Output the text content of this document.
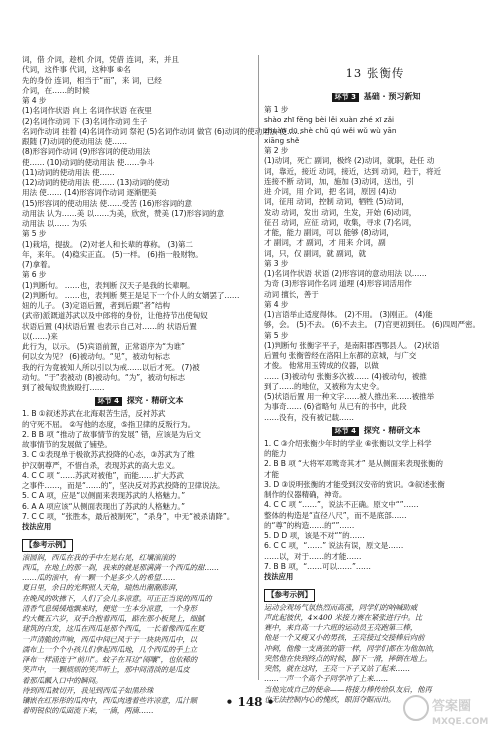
词，借 介词，趁机 介词，凭借 连词，来，并且
代词，这件事 代词，这种事 ⑥名
先的身份 连词，相当于“而”，来 词，已经
介词，在……的时候
第 4 步
(1)名词作状语 向上 名词作状语 在夜里
(2)名词作动词 下 (3)名词作动词 生子
名词作动词 挂着 (4)名词作动词 祭祀 (5)名词作动词 做官 (6)动词的使动用法 使……
跟随 (7)动词的使动用法 使……
(8)形容词作动词 (9)形容词的使动用法
使…… (10)动词的使动用法 使……争斗
(11)动词的使动用法 使……
(12)动词的使动用法 使…… (13)动词的使动
用法 使…… (14)形容词作动词 逐渐肥美
(15)形容词的使动用法 使……受苦 (16)形容词的意
动用法 认为……美 以……为美，欣赏，赞美 (17)形容词的意
动用法 以…… 为乐
第 5 步
(1)栽培，提拔。 (2)对老人和长辈的尊称。 (3)第二
年，来年。 (4)稳实正直。 (5)一样。 (6)指一般财物。
(7)拿着。
第 6 步
(1)判断句。 ……也，表判断 汉天子是我的长辈啊。
(2)判断句。 ……也，表判断 樊王是足下一个仆人的女婿罢了……
妞的儿子。 (3)定语后置，者到后跟“者”结构
(武帝)派溉道苏武以及中郎将的身份，让他持节出使匈奴
状语后置 (4)状语后置 也表示自己对……的 状语后置
以(……)来
此行为，以示。 (5)宾语前置，正常语序为“为谁”
何以女为见？ (6)被动句。“见”，被动句标志
我的行为竟被知人所以引以为戒……以后才死。 (7)被
动句。“于”表被动 (8)被动句。“为”，被动句标志
到了被匈奴贵族殴打……
环节 4 探究 · 精研文本
1. B ①叙述苏武在北海艰苦生活，反衬苏武
的守死不屈。 ②写他的态度，⑤指卫律的反叛行为。
2. B B 项 “推动了故事情节的发展” 错，应该是为后文
故事情节的发展做了铺垫。
3. C ①表现单于极欲苏武投降的心态，③苏武为了维
护汉朝尊严，不惜自杀，表现苏武的高大忠义。
4. C C 项 “……苏武对被他”，而能……扩大苏武
之事件……，而是“……的”，坚决反对苏武投降的卫律说法。
5. C A 项，应是“以侧面来表现苏武的人格魅力。”
6. A A 项应该“从侧面表现出了苏武的人格魅力。”
7. C C 项，“张胜本，最后被制死”，“杀身”，中无“被杀请降”。
技法应用
【参考示例】
滚圆润，西瓜在我的手中左晃右晃，红壤滚滚的
西瓜，在地上的那一刹，我来的就是那满满一个西瓜的甜……
……瓜的滚中，有一颗一个是多少人的希望……
夏日里，余日的光辉照人天角，瑞热出潮潮澎湃，
在晚风的吹拂下，人们了会儿多凉意。可正正当说的西瓜的
清香气息缓缓地飘来时，便觉一生本分凉意，一个身形
约大概五六岁，双手合抱着西瓜，踮在那小板凳上，细腻
建筑的白发，这瓜在西瓜是那个西瓜，一长着像西瓜在夏
一声清脆的声响，西瓜中间已风于于一块块西瓜中，以
濡布上一个个小孩儿们拿起西瓜地，几个西瓜的手上立
泽布一样涌连于“前川”。蚊子在耳边“闹嚷”，也依稀的
笑声中，一颗烦烦的笑声听上，那中间清淡的是瓜皮
着那瓜瓤入口中的瞬间。
待到西瓜被切开，我见到西瓜子如黑珍珠
镶嵌在红彤彤的瓜肉中，西瓜肉透着些许凉意，瓜汁顺
着明锐似的瓜面流下来，一滴，两滴……
13 张衡传
环节 3 基础 · 预习新知
第 1 步
shào zhī fěng bèi lěi xuàn zhé xī zǎi
zhuàn dū shè chǔ qú wěi wǔ wù yān
xiāng shě
第 2 步
(1)动词，死亡 副词，极终 (2)动词，就职，赴任 动
词，靠近，接近 动词，接近，达到 动词，趋于，将近
连接不断 动词，加，施加 (3)动词，送出，引
进 介词，用 介词，把 名词，原因 (4)动
词，征用 动词，控制 动词，牺牲 (5)动词，
发动 动词，发出 动词，生发，开始 (6)动词，
征召 动词，应征 动词，收集，寻求 (7)名词，
才能，能力 副词，可以 能够 (8)动词，
才 副词，才 副词，才 用来 介词，副
词，只，仅 副词，就 副词，就
第 3 步
(1)名词作状语 状语 (2)形容词的意动用法 以……
为奇 (3)形容词作名词 道理 (4)形容词活用作
动词 擅长，善于
第 4 步
(1)言语举止适度得体。 (2)不用。 (3)刚正。 (4)能
够，会。 (5)不去。 (6)不去主。 (7)官更初到任。 (6)四周严密。
第 5 步
(1)判断句 张衡字平子，是南阳郡西鄂县人。 (2)状语
后置句 张衡曾经在洛阳上东都的京城，与广交
才俊。 他常用玉铸成的仪器，以做
…… (3)被动句 张衡多次被…… (4)被动句，被推
到了……的地位，又被称为太史令。
(5)状语后置 用一种文字……被人推出来……被推举
为事奇…… (6)省略句 从已有的书中，此段
……没有，没有被记载……
环节 4 探究 · 精研文本
1. C ③介绍张衡少年时的学业 ⑥张衡以文学上科学
的能力
2. B B 项 “大将军邓骘奇其才” 是从侧面来表现张衡的
才能
3. D ③说明张衡的才能受到汉安帝的赏识。③叙述张衡
制作的仪器精确，神奇。
4. C C 项 “……”，说法不正确。原文中“”……
整体的构造是“直径八尺”，而不是底部……
的“尊”的构造……的“”……
5. D D 项，该是不对“”的……
6. C C 项，“……” 说法有误，原文是……
……以，对于……的才能……
7. B B 项，“……可以……”……
技法应用
【参考示例】
运动会观场气氛热烈而高涨，同学们的呐喊助威
声此起彼伏，4×400 米接力赛在紧张进行中。比
赛中，来自高一十六班的运动员王亮跑第三棒，
他是一个又瘦又小的男孩，王亮接过交接棒后向前
冲刺，他像一支离弦的箭一样，同学们都在为他加油，
突然他在快到终点的时候，脚下一滑，摔倒在地上。
突然，就在这时，王亮一下子又站了起来……
……一声一个高个子同学冲了上来……
当他完成自己的使命——将接力棒传给队友后，他再
也无法控制内心的愧疚，眼泪夺眶而出。
• 148 •	答案圈
MXQE.COM
